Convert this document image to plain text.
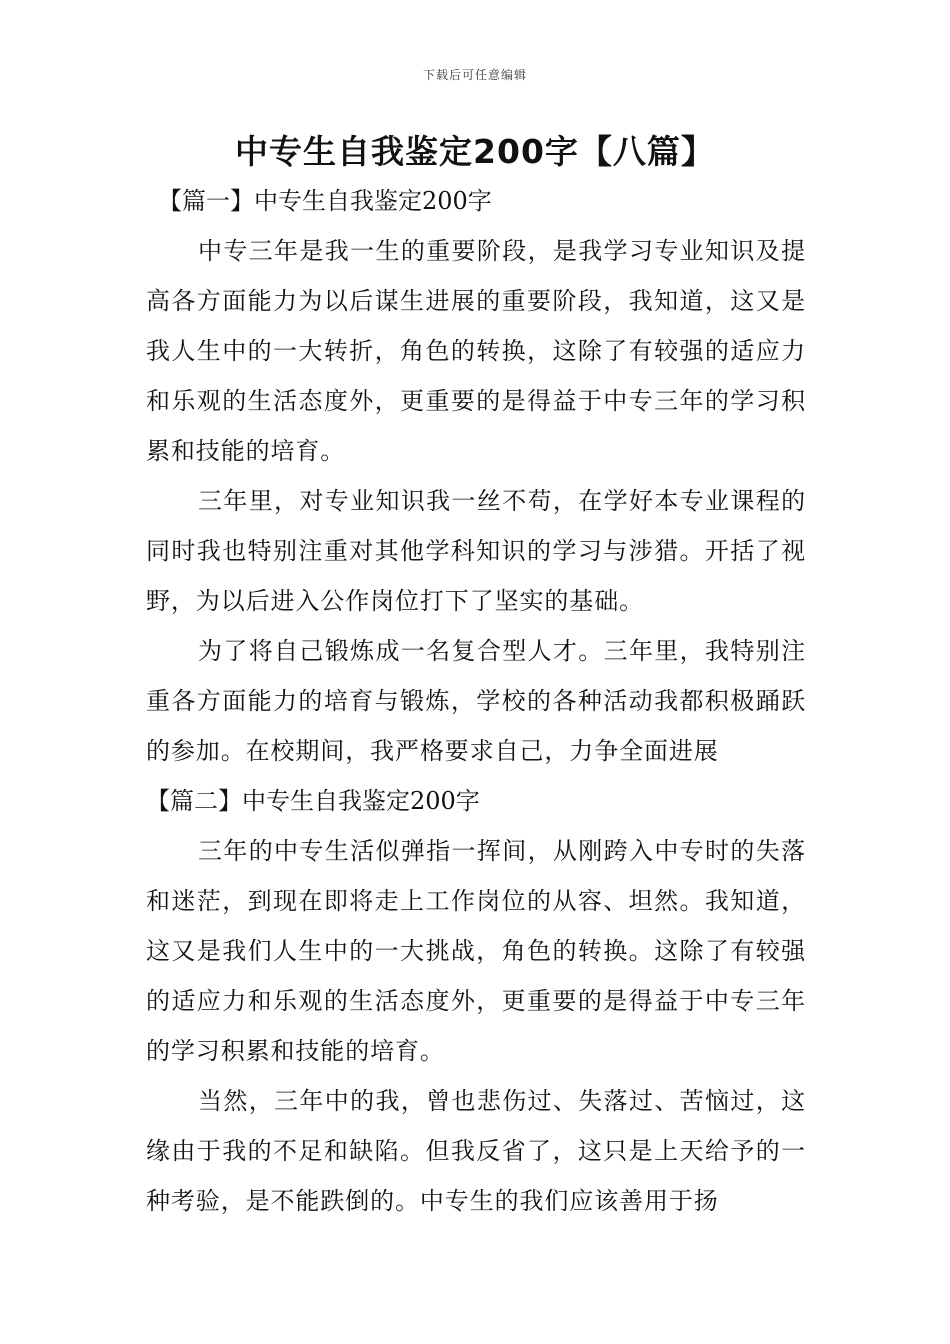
下载后可任意编辑
中专生自我鉴定200字【八篇】
【篇一】中专生自我鉴定200字

中专三年是我一生的重要阶段，是我学习专业知识及提高各方面能力为以后谋生进展的重要阶段，我知道，这又是我人生中的一大转折，角色的转换，这除了有较强的适应力和乐观的生活态度外，更重要的是得益于中专三年的学习积累和技能的培育。

三年里，对专业知识我一丝不苟，在学好本专业课程的同时我也特别注重对其他学科知识的学习与涉猎。开括了视野，为以后进入公作岗位打下了坚实的基础。

为了将自己锻炼成一名复合型人才。三年里，我特别注重各方面能力的培育与锻炼，学校的各种活动我都积极踊跃的参加。在校期间，我严格要求自己，力争全面进展

【篇二】中专生自我鉴定200字

三年的中专生活似弹指一挥间，从刚跨入中专时的失落和迷茫，到现在即将走上工作岗位的从容、坦然。我知道，这又是我们人生中的一大挑战，角色的转换。这除了有较强的适应力和乐观的生活态度外，更重要的是得益于中专三年的学习积累和技能的培育。

当然，三年中的我，曾也悲伤过、失落过、苦恼过，这缘由于我的不足和缺陷。但我反省了，这只是上天给予的一种考验，是不能跌倒的。中专生的我们应该善用于扬
